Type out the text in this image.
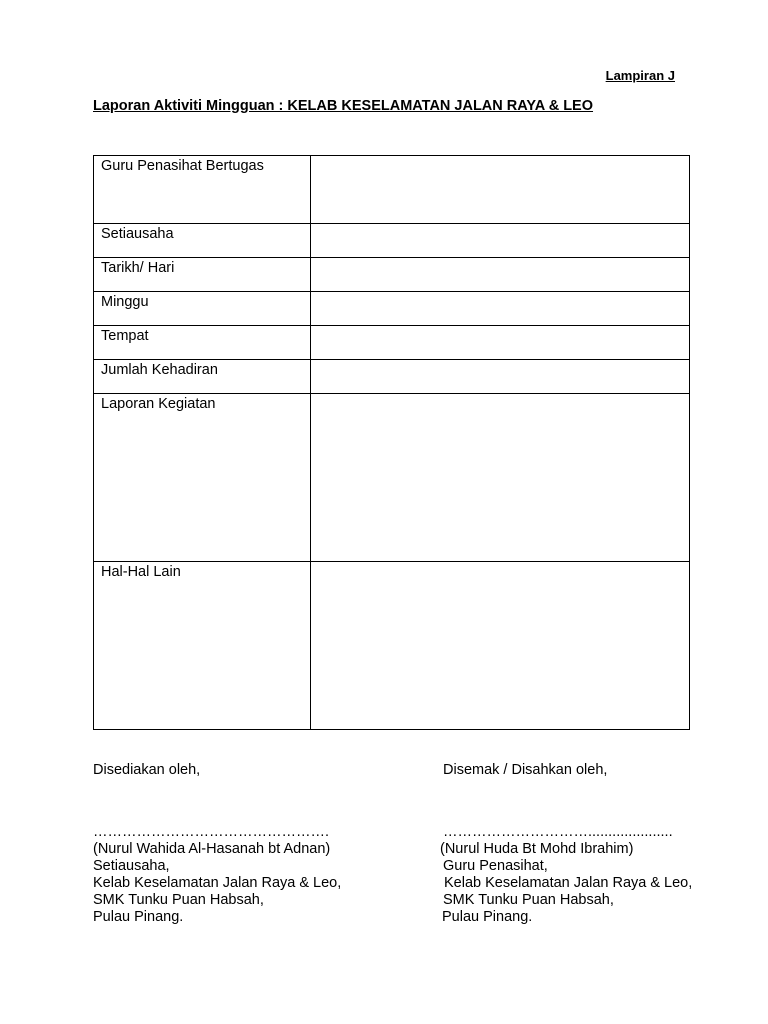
Lampiran J
Laporan Aktiviti Mingguan : KELAB KESELAMATAN JALAN RAYA & LEO
Guru Penasihat Bertugas	
Setiausaha	
Tarikh/ Hari	
Minggu	
Tempat	
Jumlah Kehadiran	
Laporan Kegiatan	
Hal-Hal Lain	
Disediakan oleh,	Disemak / Disahkan oleh,
………………………………………….
(Nurul Wahida Al-Hasanah bt Adnan)
Setiausaha,
Kelab Keselamatan Jalan Raya & Leo,
SMK Tunku Puan Habsah,
Pulau Pinang.
………………………….....................
(Nurul Huda Bt Mohd Ibrahim)
Guru Penasihat,
Kelab Keselamatan Jalan Raya & Leo,
SMK Tunku Puan Habsah,
Pulau Pinang.
